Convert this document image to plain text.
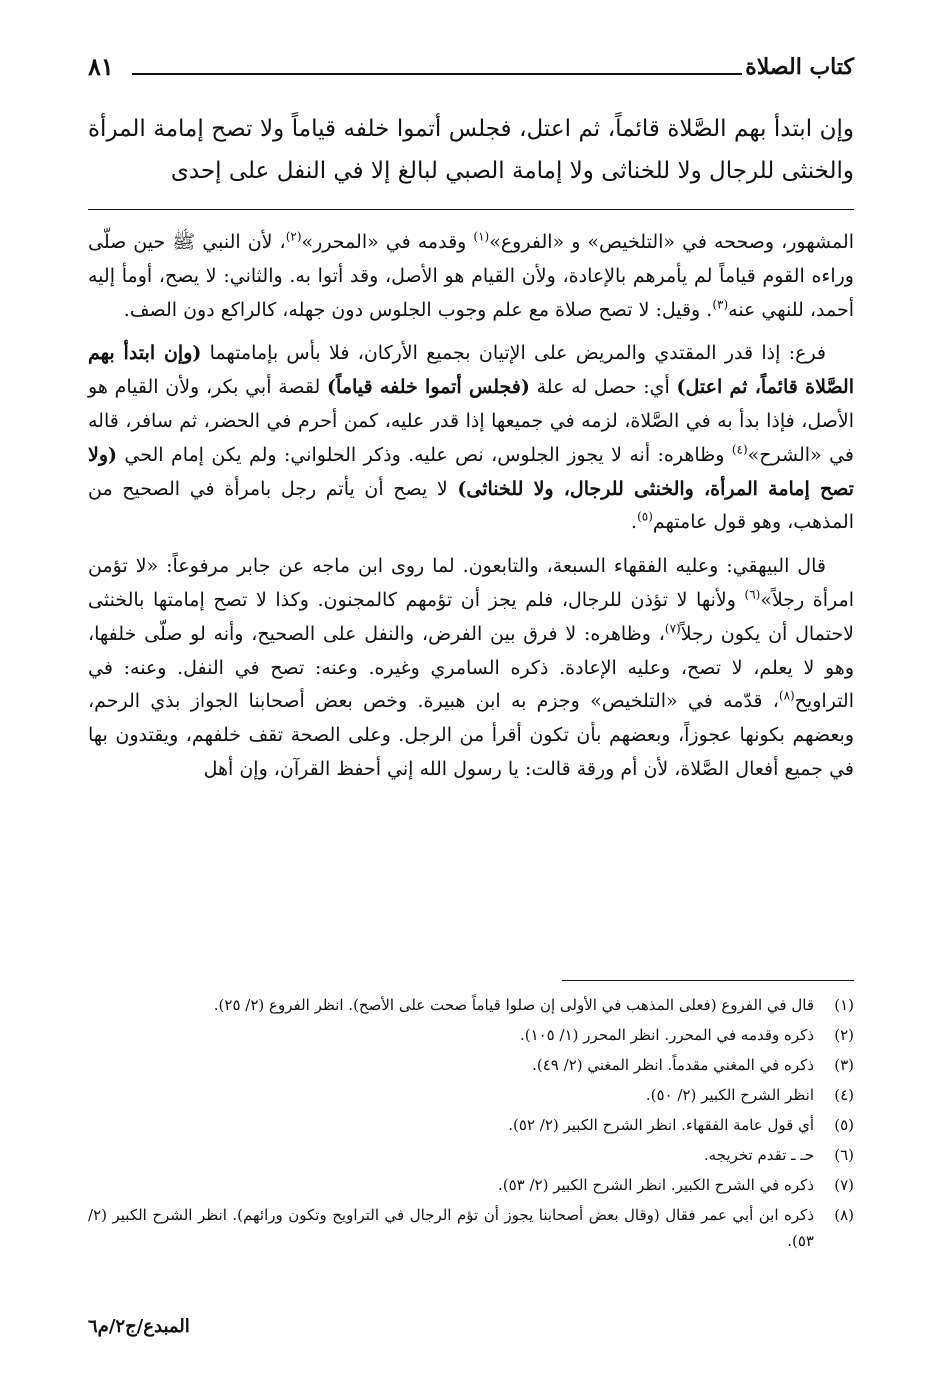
كتاب الصلاة
٨١
وإن ابتدأ بهم الصَّلاة قائماً، ثم اعتل، فجلس أتموا خلفه قياماً ولا تصح إمامة المرأة والخنثى للرجال ولا للخناثى ولا إمامة الصبي لبالغ إلا في النفل على إحدى

المشهور، وصححه في «التلخيص» و «الفروع»$^{(١)}$ وقدمه في «المحرر»$^{(٢)}$، لأن النبي ﷺ حين صلّى وراءه القوم قياماً لم يأمرهم بالإعادة، ولأن القيام هو الأصل، وقد أتوا به. والثاني: لا يصح، أومأ إليه أحمد، للنهي عنه$^{(٣)}$. وقيل: لا تصح صلاة مع علم وجوب الجلوس دون جهله، كالراكع دون الصف.

فرع: إذا قدر المقتدي والمريض على الإتيان بجميع الأركان، فلا بأس بإمامتهما (وإن ابتدأ بهم الصَّلاة قائماً، ثم اعتل) أي: حصل له علة (فجلس أتموا خلفه قياماً) لقصة أبي بكر، ولأن القيام هو الأصل، فإذا بدأ به في الصَّلاة، لزمه في جميعها إذا قدر عليه، كمن أحرم في الحضر، ثم سافر، قاله في «الشرح»$^{(٤)}$ وظاهره: أنه لا يجوز الجلوس، نص عليه. وذكر الحلواني: ولم يكن إمام الحي (ولا تصح إمامة المرأة، والخنثى للرجال، ولا للخناثى) لا يصح أن يأتم رجل بامرأة في الصحيح من المذهب، وهو قول عامتهم$^{(٥)}$.

قال البيهقي: وعليه الفقهاء السبعة، والتابعون. لما روى ابن ماجه عن جابر مرفوعاً: «لا تؤمن امرأة رجلاً»$^{(٦)}$ ولأنها لا تؤذن للرجال، فلم يجز أن تؤمهم كالمجنون. وكذا لا تصح إمامتها بالخنثى لاحتمال أن يكون رجلاً$^{(٧)}$، وظاهره: لا فرق بين الفرض، والنفل على الصحيح، وأنه لو صلّى خلفها، وهو لا يعلم، لا تصح، وعليه الإعادة. ذكره السامري وغيره. وعنه: تصح في النفل. وعنه: في التراويح$^{(٨)}$، قدّمه في «التلخيص» وجزم به ابن هبيرة. وخص بعض أصحابنا الجواز بذي الرحم، وبعضهم بكونها عجوزاً، وبعضهم بأن تكون أقرأ من الرجل. وعلى الصحة تقف خلفهم، ويقتدون بها في جميع أفعال الصَّلاة، لأن أم ورقة قالت: يا رسول الله إني أحفظ القرآن، وإن أهل

(١)
قال في الفروع (فعلى المذهب في الأولى إن صلوا قياماً صحت على الأصح). انظر الفروع (٢/ ٢٥).
(٢)
ذكره وقدمه في المحرر. انظر المحرر (١/ ١٠٥).
(٣)
ذكره في المغني مقدماً. انظر المغني (٢/ ٤٩).
(٤)
انظر الشرح الكبير (٢/ ٥٠).
(٥)
أي قول عامة الفقهاء. انظر الشرح الكبير (٢/ ٥٢).
(٦)
حـ ـ تقدم تخريجه.
(٧)
ذكره في الشرح الكبير. انظر الشرح الكبير (٢/ ٥٣).
(٨)
ذكره ابن أبي عمر فقال (وقال بعض أصحابنا يجوز أن تؤم الرجال في التراويح وتكون ورائهم). انظر الشرح الكبير (٢/ ٥٣).
المبدع/ج٢/م٦
